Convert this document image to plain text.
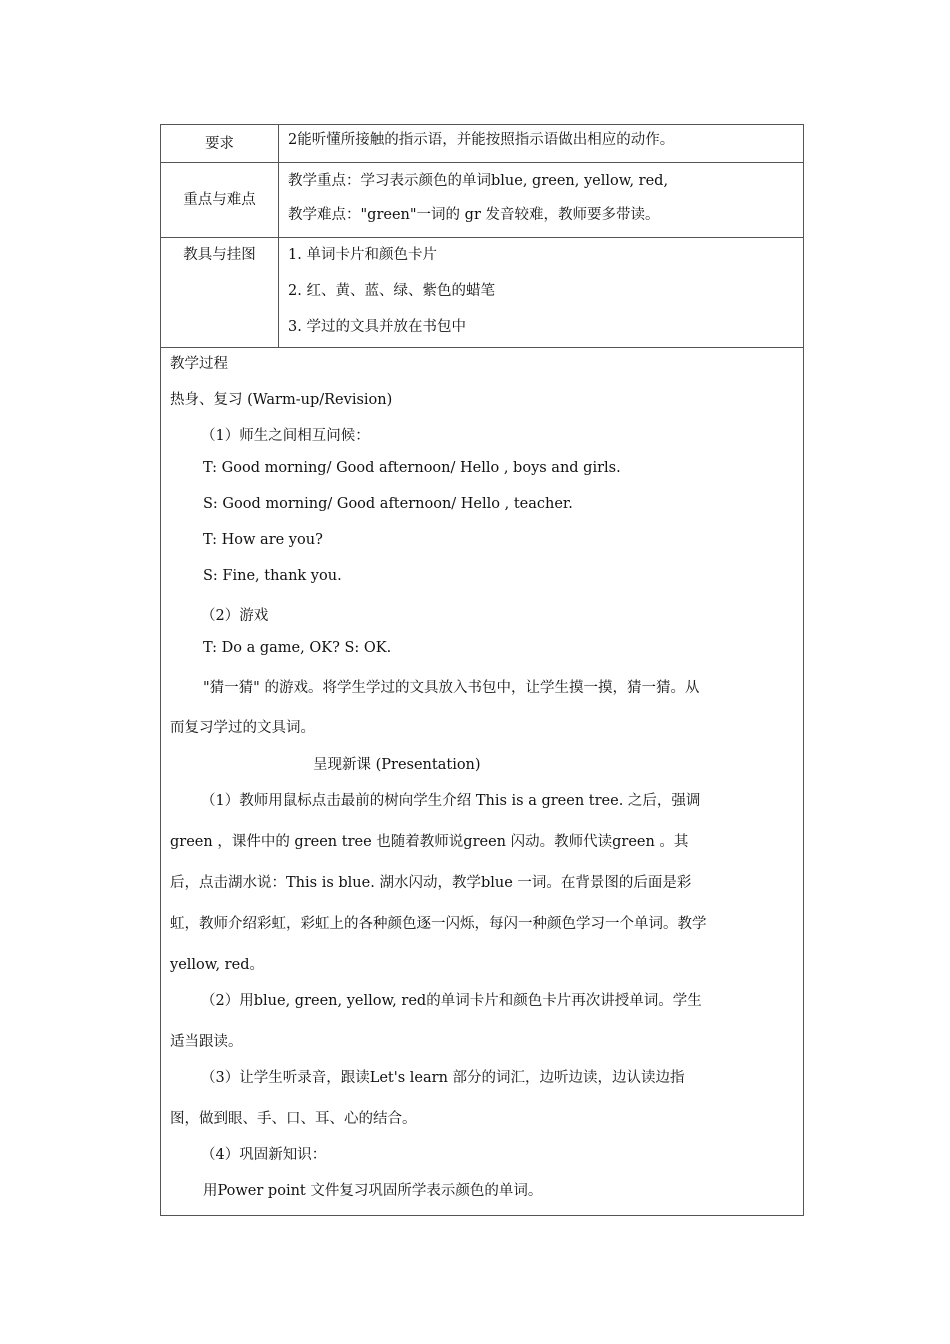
要求	2能听懂所接触的指示语，并能按照指示语做出相应的动作。
重点与难点
教学重点：学习表示颜色的单词blue, green, yellow, red,
教学难点："green"一词的 gr 发音较难，教师要多带读。
教具与挂图	1. 单词卡片和颜色卡片
2. 红、黄、蓝、绿、紫色的蜡笔
3. 学过的文具并放在书包中
教学过程
热身、复习 (Warm-up/Revision)
（1）师生之间相互问候：
T: Good morning/ Good afternoon/ Hello , boys and girls.
S: Good morning/ Good afternoon/ Hello , teacher.
T: How are you?
S: Fine, thank you.
（2）游戏
T: Do a game, OK? S: OK.
"猜一猜" 的游戏。将学生学过的文具放入书包中，让学生摸一摸，猜一猜。从
而复习学过的文具词。
呈现新课 (Presentation)
（1）教师用鼠标点击最前的树向学生介绍 This is a green tree. 之后，强调
green ，课件中的 green tree 也随着教师说green 闪动。教师代读green 。其
后，点击湖水说：This is blue. 湖水闪动，教学blue 一词。在背景图的后面是彩
虹，教师介绍彩虹，彩虹上的各种颜色逐一闪烁，每闪一种颜色学习一个单词。教学
yellow, red。
（2）用blue, green, yellow, red的单词卡片和颜色卡片再次讲授单词。学生
适当跟读。
（3）让学生听录音，跟读Let's learn 部分的词汇，边听边读，边认读边指
图，做到眼、手、口、耳、心的结合。
（4）巩固新知识：
用Power point 文件复习巩固所学表示颜色的单词。
